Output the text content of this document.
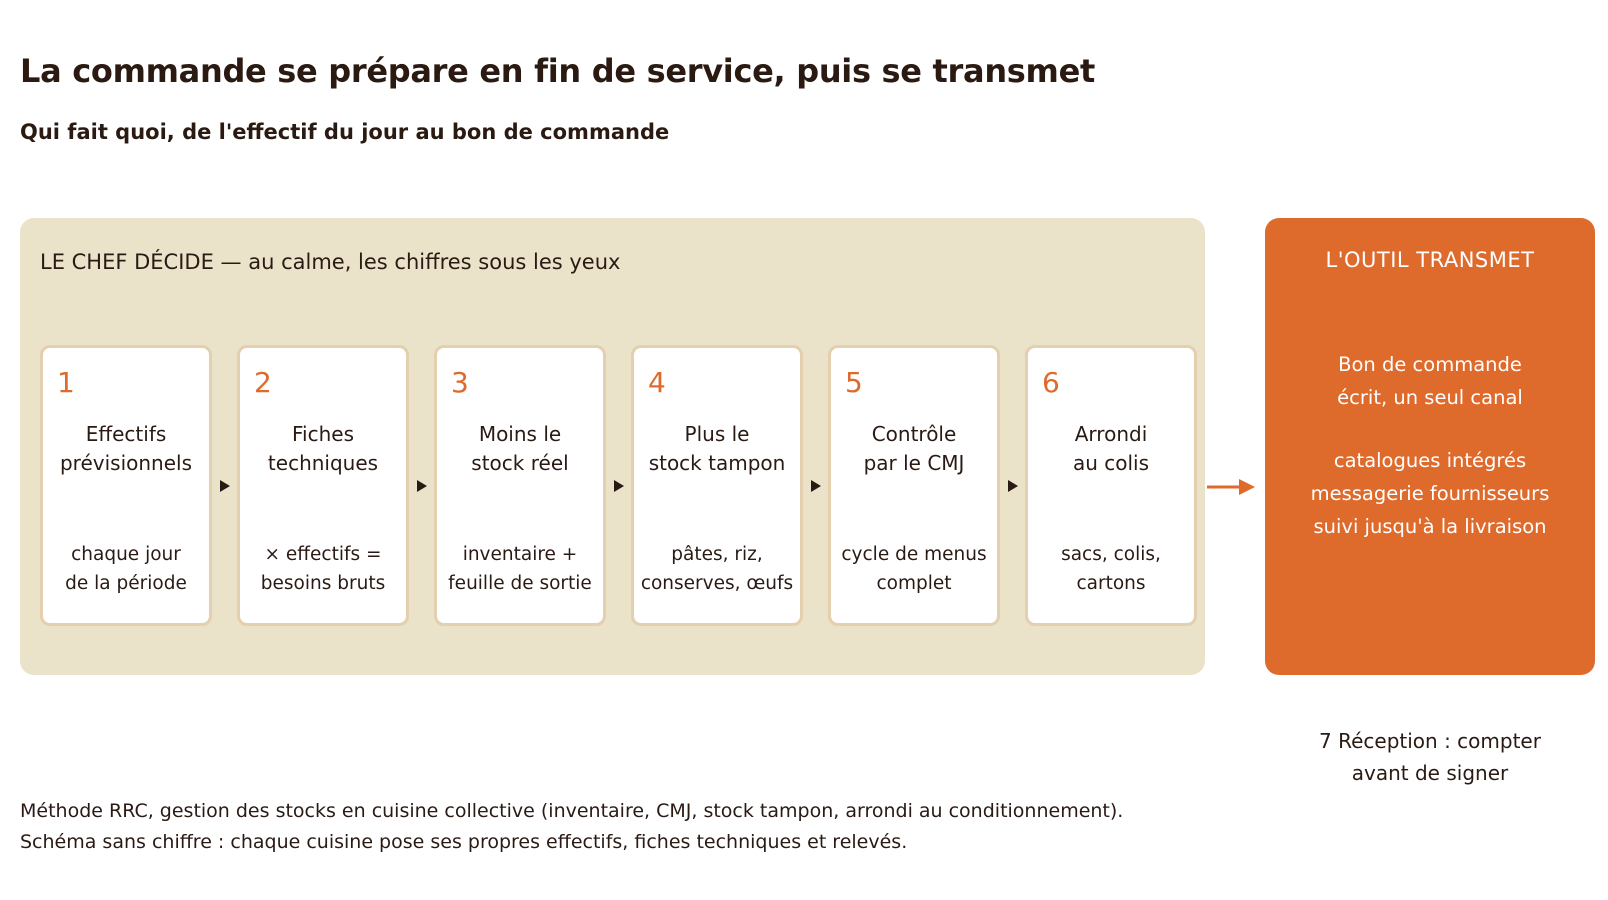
La commande se prépare en fin de service, puis se transmet

Qui fait quoi, de l'effectif du jour au bon de commande

LE CHEF DÉCIDE — au calme, les chiffres sous les yeux
1
Effectifs
prévisionnels
chaque jour
de la période
2
Fiches
techniques
× effectifs =
besoins bruts
3
Moins le
stock réel
inventaire +
feuille de sortie
4
Plus le
stock tampon
pâtes, riz,
conserves, œufs
5
Contrôle
par le CMJ
cycle de menus
complet
6
Arrondi
au colis
sacs, colis,
cartons
L'OUTIL TRANSMET
Bon de commande
écrit, un seul canal
catalogues intégrés
messagerie fournisseurs
suivi jusqu'à la livraison
7 Réception : compter
avant de signer
Méthode RRC, gestion des stocks en cuisine collective (inventaire, CMJ, stock tampon, arrondi au conditionnement).
Schéma sans chiffre : chaque cuisine pose ses propres effectifs, fiches techniques et relevés.
